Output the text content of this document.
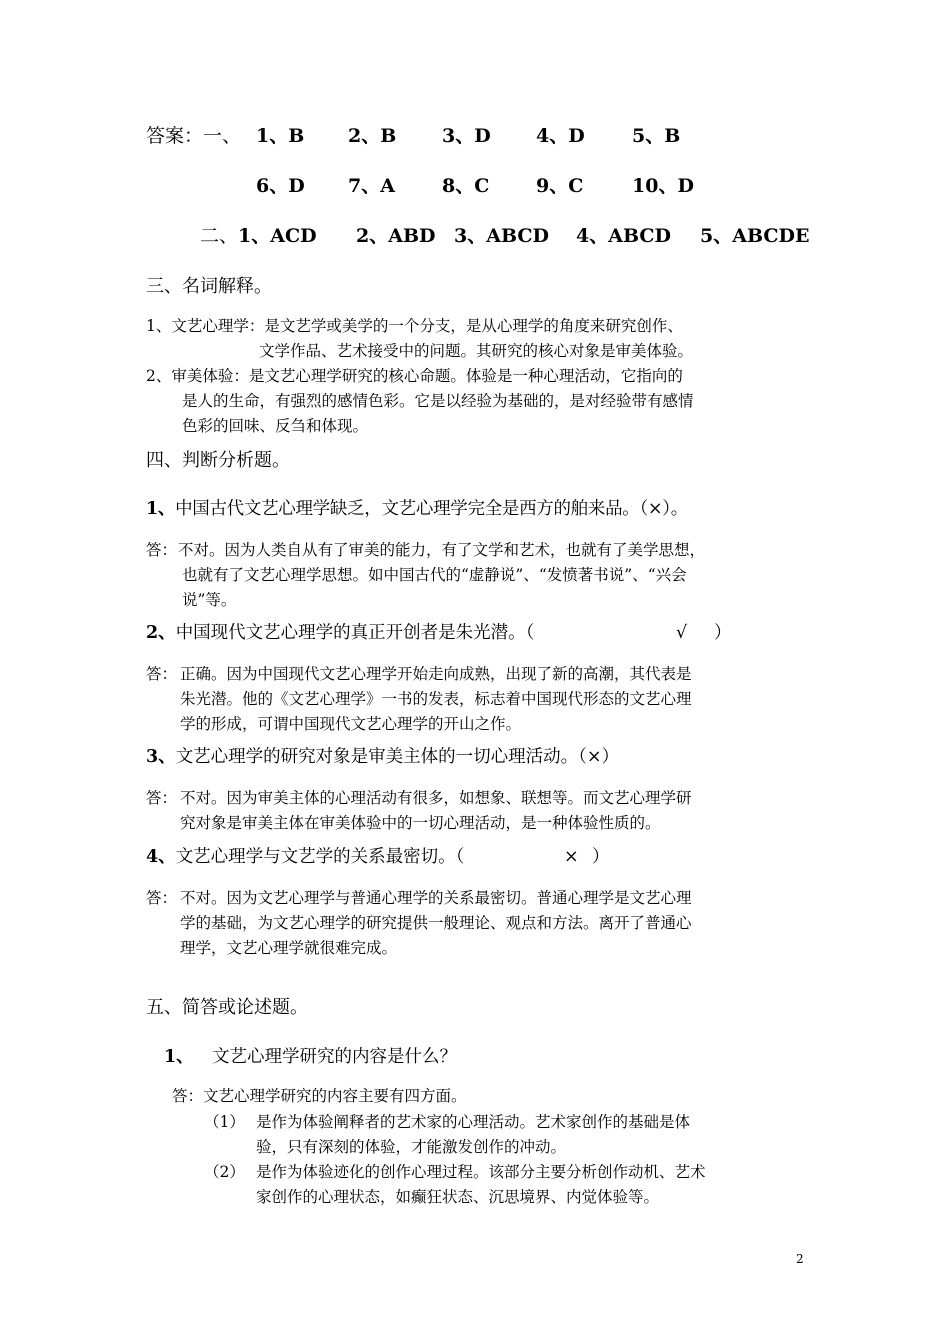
答案：一、 1、B 2、B 3、D 4、D 5、B
6、D 7、A 8、C 9、C	10、D
二、 1、ACD 2、ABD 3、ABCD 4、ABCD 5、ABCDE
三、名词解释。
1、文艺心理学：是文艺学或美学的一个分支，是从心理学的角度来研究创作、
文学作品、艺术接受中的问题。其研究的核心对象是审美体验。
2、审美体验：是文艺心理学研究的核心命题。体验是一种心理活动，它指向的
是人的生命，有强烈的感情色彩。它是以经验为基础的，是对经验带有感情
色彩的回味、反刍和体现。
四、判断分析题。
1、中国古代文艺心理学缺乏，文艺心理学完全是西方的舶来品。（×）。
答： 不对。因为人类自从有了审美的能力，有了文学和艺术，也就有了美学思想，
也就有了文艺心理学思想。如中国古代的“虚静说”、“发愤著书说”、“兴会
说”等。
2、中国现代文艺心理学的真正开创者是朱光潜。（	√ ）
答： 正确。因为中国现代文艺心理学开始走向成熟，出现了新的高潮，其代表是
朱光潜。他的《文艺心理学》一书的发表，标志着中国现代形态的文艺心理
学的形成，可谓中国现代文艺心理学的开山之作。
3、文艺心理学的研究对象是审美主体的一切心理活动。（×）
答： 不对。因为审美主体的心理活动有很多，如想象、联想等。而文艺心理学研
究对象是审美主体在审美体验中的一切心理活动，是一种体验性质的。
4、文艺心理学与文艺学的关系最密切。（	× ）
答： 不对。因为文艺心理学与普通心理学的关系最密切。普通心理学是文艺心理
学的基础，为文艺心理学的研究提供一般理论、观点和方法。离开了普通心
理学，文艺心理学就很难完成。
五、简答或论述题。
1、 文艺心理学研究的内容是什么？
答：文艺心理学研究的内容主要有四方面。
（1） 是作为体验阐释者的艺术家的心理活动。艺术家创作的基础是体
验，只有深刻的体验，才能激发创作的冲动。
（2） 是作为体验迹化的创作心理过程。该部分主要分析创作动机、艺术
家创作的心理状态，如癫狂状态、沉思境界、内觉体验等。
2
